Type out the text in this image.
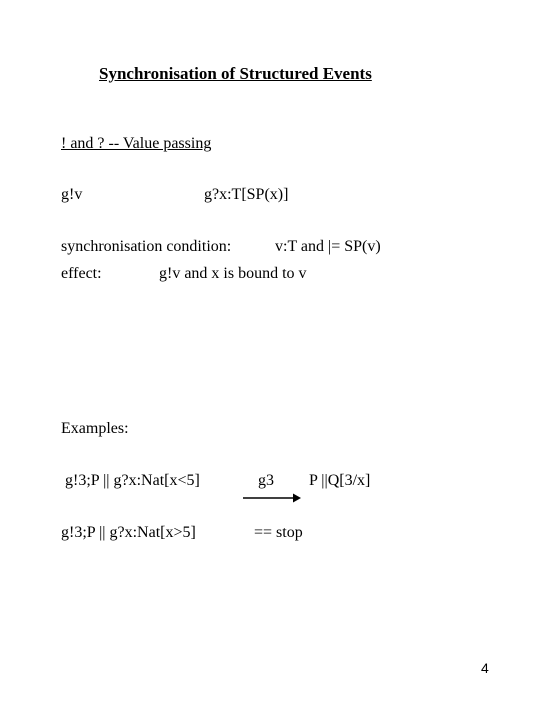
Synchronisation of Structured Events
! and ? -- Value passing
g!v	g?x:T[SP(x)]
synchronisation condition:	v:T and |= SP(v)
effect:	g!v and x is bound to v
Examples:
g!3;P || g?x:Nat[x<5]	g3 P ||Q[3/x]
g!3;P || g?x:Nat[x>5]	== stop
4
